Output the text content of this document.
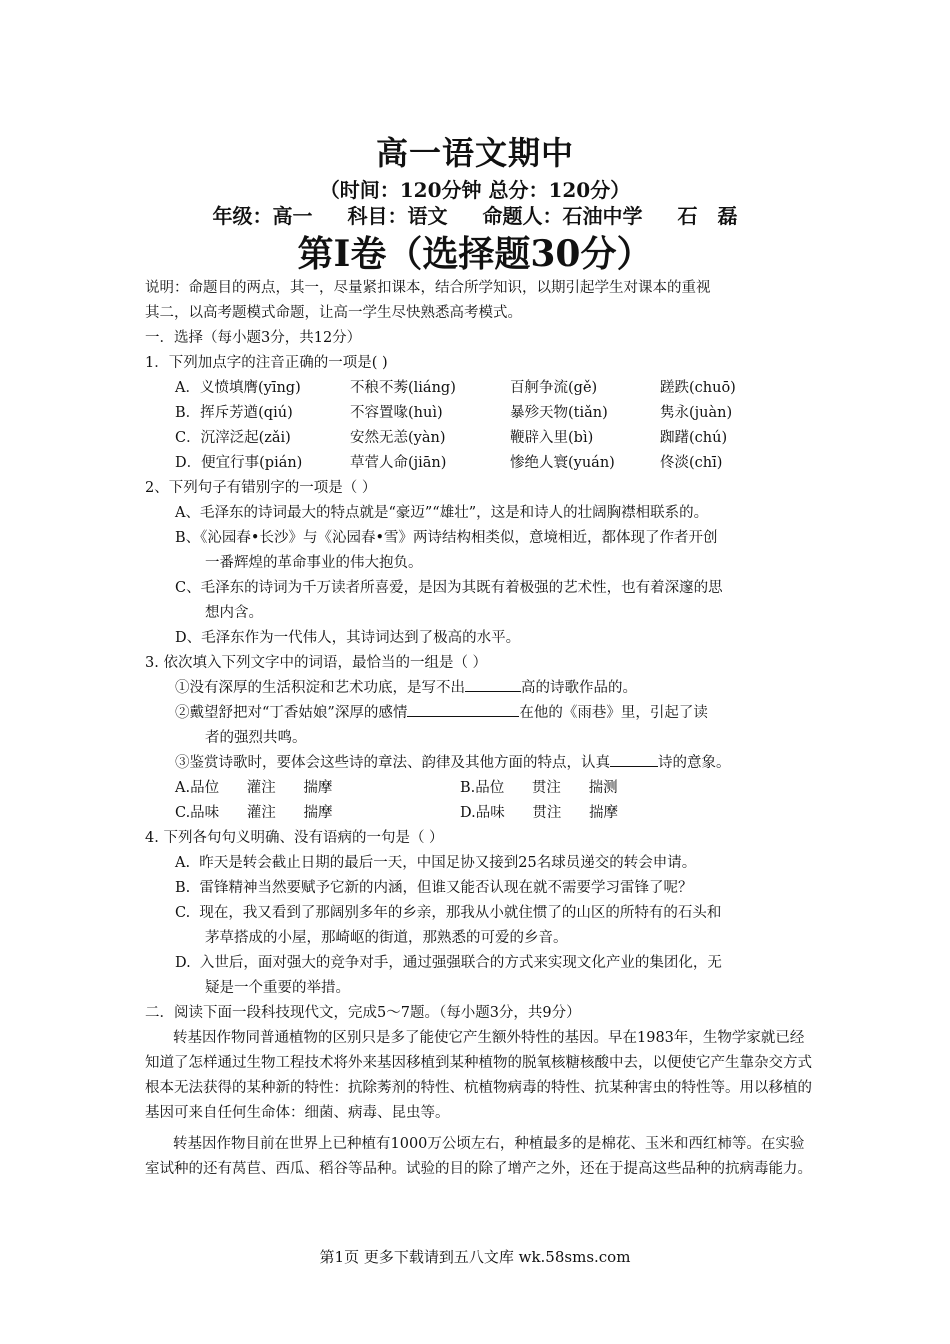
高一语文期中
（时间：120分钟 总分：120分）
年级：高一 科目：语文 命题人：石油中学 石　磊
第Ⅰ卷（选择题30分）
说明：命题目的两点，其一，尽量紧扣课本，结合所学知识，以期引起学生对课本的重视
其二，以高考题模式命题，让高一学生尽快熟悉高考模式。
一．选择（每小题3分，共12分）
1．下列加点字的注音正确的一项是( )
A．义愤填膺(yīng)	不稂不莠(liáng)	百舸争流(gě)	蹉跌(chuō)
B．挥斥芳遒(qiú)	不容置喙(huì)	暴殄天物(tiǎn)	隽永(juàn)
C．沉滓泛起(zǎi)	安然无恙(yàn)	鞭辟入里(bì)	踟躇(chú)
D．便宜行事(pián)	草菅人命(jiān)	惨绝人寰(yuán)	佟淡(chī)
2、下列句子有错别字的一项是（ ）
A、毛泽东的诗词最大的特点就是“豪迈”“雄壮”，这是和诗人的壮阔胸襟相联系的。
B、《沁园春•长沙》与《沁园春•雪》两诗结构相类似，意境相近，都体现了作者开创
一番辉煌的革命事业的伟大抱负。
C、毛泽东的诗词为千万读者所喜爱，是因为其既有着极强的艺术性，也有着深邃的思
想内含。
D、毛泽东作为一代伟人，其诗词达到了极高的水平。
3. 依次填入下列文字中的词语，最恰当的一组是（ ）
①没有深厚的生活积淀和艺术功底，是写不出	高的诗歌作品的。
②戴望舒把对“丁香姑娘”深厚的感情	在他的《雨巷》里，引起了读
者的强烈共鸣。
③鉴赏诗歌时，要体会这些诗的章法、韵律及其他方面的特点，认真	诗的意象。
A.品位      灌注      揣摩	B.品位      贯注      揣测
C.品味      灌注      揣摩	D.品味      贯注      揣摩
4. 下列各句句义明确、没有语病的一句是（ ）
A.  昨天是转会截止日期的最后一天，中国足协又接到25名球员递交的转会申请。
B.  雷锋精神当然要赋予它新的内涵，但谁又能否认现在就不需要学习雷锋了呢？
C.  现在，我又看到了那阔别多年的乡亲，那我从小就住惯了的山区的所特有的石头和
茅草搭成的小屋，那崎岖的街道，那熟悉的可爱的乡音。
D.  入世后，面对强大的竞争对手，通过强强联合的方式来实现文化产业的集团化，无
疑是一个重要的举措。
二．阅读下面一段科技现代文，完成5～7题。（每小题3分，共9分）
转基因作物同普通植物的区别只是多了能使它产生额外特性的基因。早在1983年，生物学家就已经知道了怎样通过生物工程技术将外来基因移植到某种植物的脱氧核糖核酸中去，以便使它产生靠杂交方式根本无法获得的某种新的特性：抗除莠剂的特性、杭植物病毒的特性、抗某种害虫的特性等。用以移植的基因可来自任何生命体：细菌、病毒、昆虫等。
转基因作物目前在世界上已种植有1000万公顷左右，种植最多的是棉花、玉米和西红柿等。在实验室试种的还有莴苣、西瓜、稻谷等品种。试验的目的除了增产之外，还在于提高这些品种的抗病毒能力。
第1页 更多下载请到五八文库 wk.58sms.com
